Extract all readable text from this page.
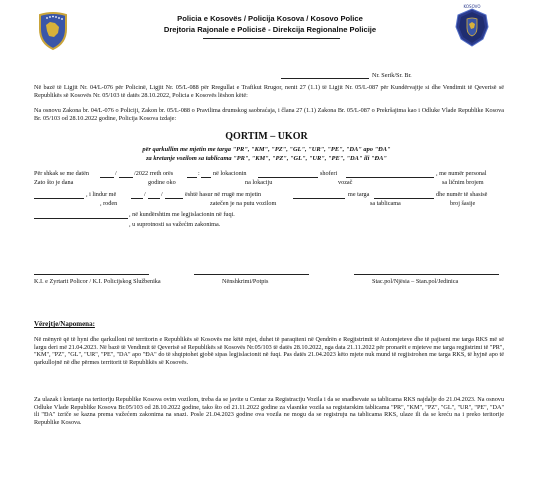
KOSOVO
Policia e Kosovës / Policija Kosova / Kosovo Police
Drejtoria Rajonale e Policisë - Direkcija Regionalne Policije
Nr. Serik/Sr. Br.
Në bazë të Ligjit Nr. 04/L-076 për Policinë, Ligjit Nr. 05/L-088 për Rregullat e Trafikut Rrugor, nenit 27 (1.1) të Ligjit Nr. 05/L-087 për Kundërvajtje si dhe Vendimit të Qeverisë së Republikës së Kosovës Nr. 05/103 të datës 28.10.2022, Policia e Kosovës lëshon këtë:
Na osnovu Zakona br. 04/L-076 o Policiji, Zakon br. 05/L-088 o Pravilima drumskog saobraćaja, i člana 27 (1.1) Zakona Br. 05/L-087 o Prekršajima kao i Odluke Vlade Republike Kosova Br. 05/103 od 28.10.2022 godine, Policija Kosova izdaje:
QORTIM – UKOR
për qarkullim me mjetin me targa "PR", "KM", "PZ", "GL", "UR", "PE", "DA" apo "ĐA"
za kretanje vozilom sa tablicama "PR", "KM", "PZ", "GL", "UR", "PE", "DA" ili "ĐA"
Për shkak se me datën	/	/2022 rreth orës	: në lokacionin	shoferi	, me numër personal
Zato što je dana	godine oko	na lokaciju	vozač	sa ličnim brojem
, i lindur më	/ /	është hasur në rrugë me mjetin	me targa	dhe numër të shasisë
, rođen	zatečen je na putu vozilom	sa tablicama	broj šasije
, në kundërshtim me legjislacionin në fuqi.
, u suprotnosti sa važećim zakonima.
K.I. e Zyrtarit Policor / K.I. Policijskog Službenika	Nënshkrimi/Potpis	Stac.pol/Njësia – Stan.pol/Jedinica
Vërejtje/Napomena:
Në mënyrë që të hyni dhe qarkulloni në territorin e Republikës së Kosovës me këtë mjet, duhet të paraqiteni në Qendrën e Regjistrimit të Automjeteve dhe të pajiseni me targa RKS më së largu deri më 21.04.2023. Në bazë të Vendimit të Qeverisë së Republikës së Kosovës Nr.05/103 të datës 28.10.2022, nga data 21.11.2022 për pronarët e mjeteve me targa regjistrimi të "PR", "KM", "PZ", "GL", "UR", "PE", "DA" apo "ĐA" do të shqiptohet gjobë sipas legjislacionit në fuqi. Pas datës 21.04.2023 këto mjete nuk mund të regjistrohen me targa RKS, të hyjnë apo të qarkullojnë në dhe përmes territorit të Republikës së Kosovës.
Za ulazak i kretanje na teritoriju Republike Kosova ovim vozilom, treba da se javite u Centar za Registraciju Vozila i da se snadbevate sa tablicama RKS najdalje do 21.04.2023. Na osnovu Odluke Vlade Republike Kosova Br.05/103 od 28.10.2022 godine, tako što od 21.11.2022 godine za vlasnike vozila sa registarskim tablicama "PR", "KM", "PZ", "GL", "UR", "PE", "DA" ili "ĐA" izriče se kazna prema važećem zakonima na snazi. Posle 21.04.2023 godine ova vozila ne mogu da se registruju na tablicama RKS, ulaze ili da se kreću na i preko teritorije Republike Kosova.
